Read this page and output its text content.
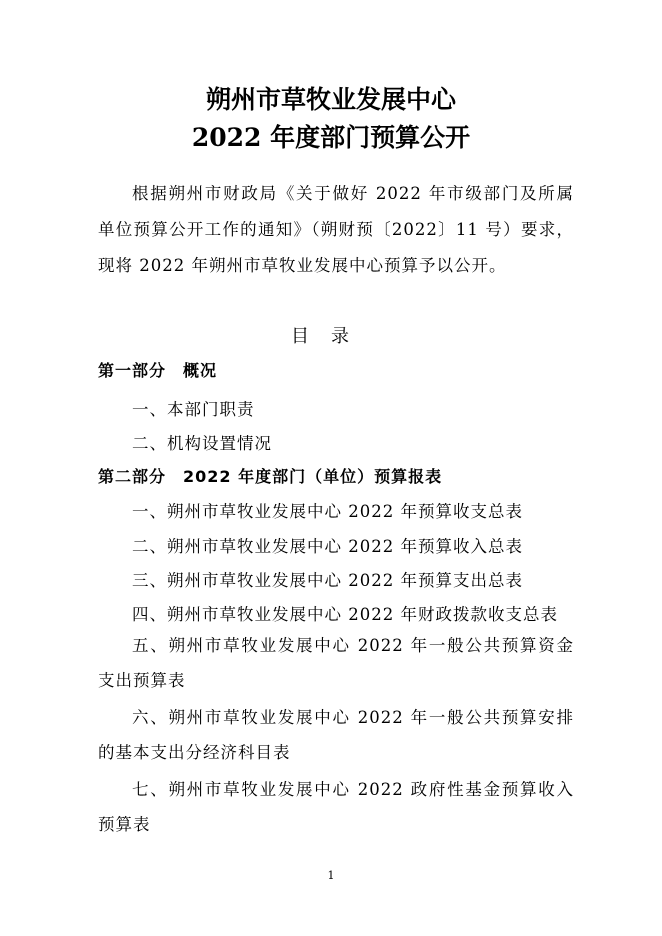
朔州市草牧业发展中心
2022 年度部门预算公开
根据朔州市财政局《关于做好 2022 年市级部门及所属单位预算公开工作的通知》（朔财预〔2022〕11 号）要求，现将 2022 年朔州市草牧业发展中心预算予以公开。
目录
第一部分　概况
一、本部门职责
二、机构设置情况
第二部分　2022 年度部门（单位）预算报表
一、朔州市草牧业发展中心 2022 年预算收支总表
二、朔州市草牧业发展中心 2022 年预算收入总表
三、朔州市草牧业发展中心 2022 年预算支出总表
四、朔州市草牧业发展中心 2022 年财政拨款收支总表
五、朔州市草牧业发展中心 2022 年一般公共预算资金支出预算表
六、朔州市草牧业发展中心 2022 年一般公共预算安排的基本支出分经济科目表
七、朔州市草牧业发展中心 2022 政府性基金预算收入预算表
1
